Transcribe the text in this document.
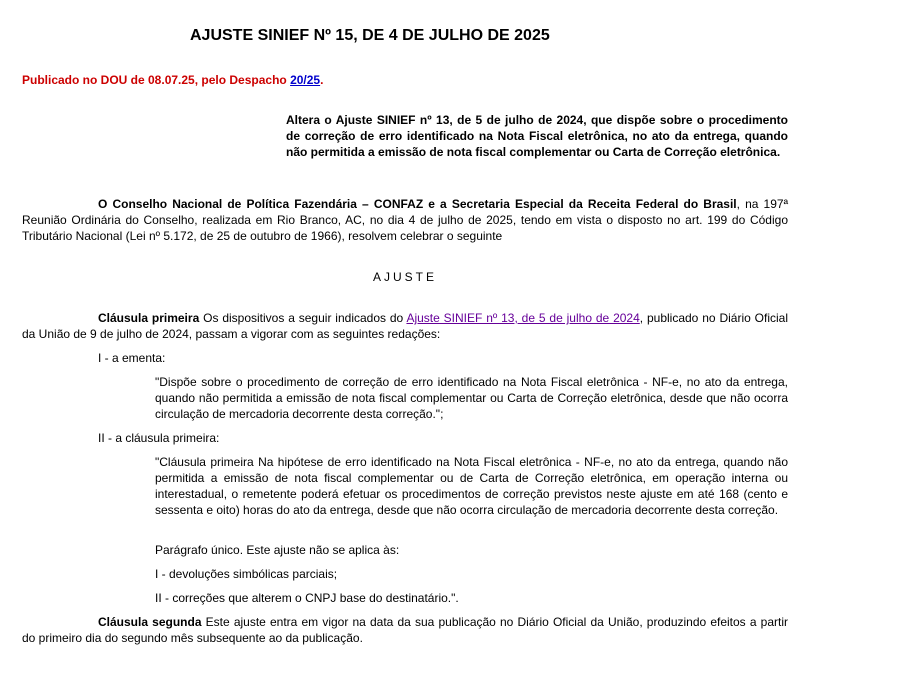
AJUSTE SINIEF Nº 15, DE 4 DE JULHO DE 2025
Publicado no DOU de 08.07.25, pelo Despacho 20/25.
Altera o Ajuste SINIEF nº 13, de 5 de julho de 2024, que dispõe sobre o procedimento de correção de erro identificado na Nota Fiscal eletrônica, no ato da entrega, quando não permitida a emissão de nota fiscal complementar ou Carta de Correção eletrônica.
O Conselho Nacional de Política Fazendária – CONFAZ e a Secretaria Especial da Receita Federal do Brasil, na 197ª Reunião Ordinária do Conselho, realizada em Rio Branco, AC, no dia 4 de julho de 2025, tendo em vista o disposto no art. 199 do Código Tributário Nacional (Lei nº 5.172, de 25 de outubro de 1966), resolvem celebrar o seguinte
AJUSTE
Cláusula primeira Os dispositivos a seguir indicados do Ajuste SINIEF nº 13, de 5 de julho de 2024, publicado no Diário Oficial da União de 9 de julho de 2024, passam a vigorar com as seguintes redações:
I - a ementa:
"Dispõe sobre o procedimento de correção de erro identificado na Nota Fiscal eletrônica - NF-e, no ato da entrega, quando não permitida a emissão de nota fiscal complementar ou Carta de Correção eletrônica, desde que não ocorra circulação de mercadoria decorrente desta correção.";
II - a cláusula primeira:
"Cláusula primeira Na hipótese de erro identificado na Nota Fiscal eletrônica - NF-e, no ato da entrega, quando não permitida a emissão de nota fiscal complementar ou de Carta de Correção eletrônica, em operação interna ou interestadual, o remetente poderá efetuar os procedimentos de correção previstos neste ajuste em até 168 (cento e sessenta e oito) horas do ato da entrega, desde que não ocorra circulação de mercadoria decorrente desta correção.
Parágrafo único. Este ajuste não se aplica às:
I - devoluções simbólicas parciais;
II - correções que alterem o CNPJ base do destinatário.".
Cláusula segunda Este ajuste entra em vigor na data da sua publicação no Diário Oficial da União, produzindo efeitos a partir do primeiro dia do segundo mês subsequente ao da publicação.
